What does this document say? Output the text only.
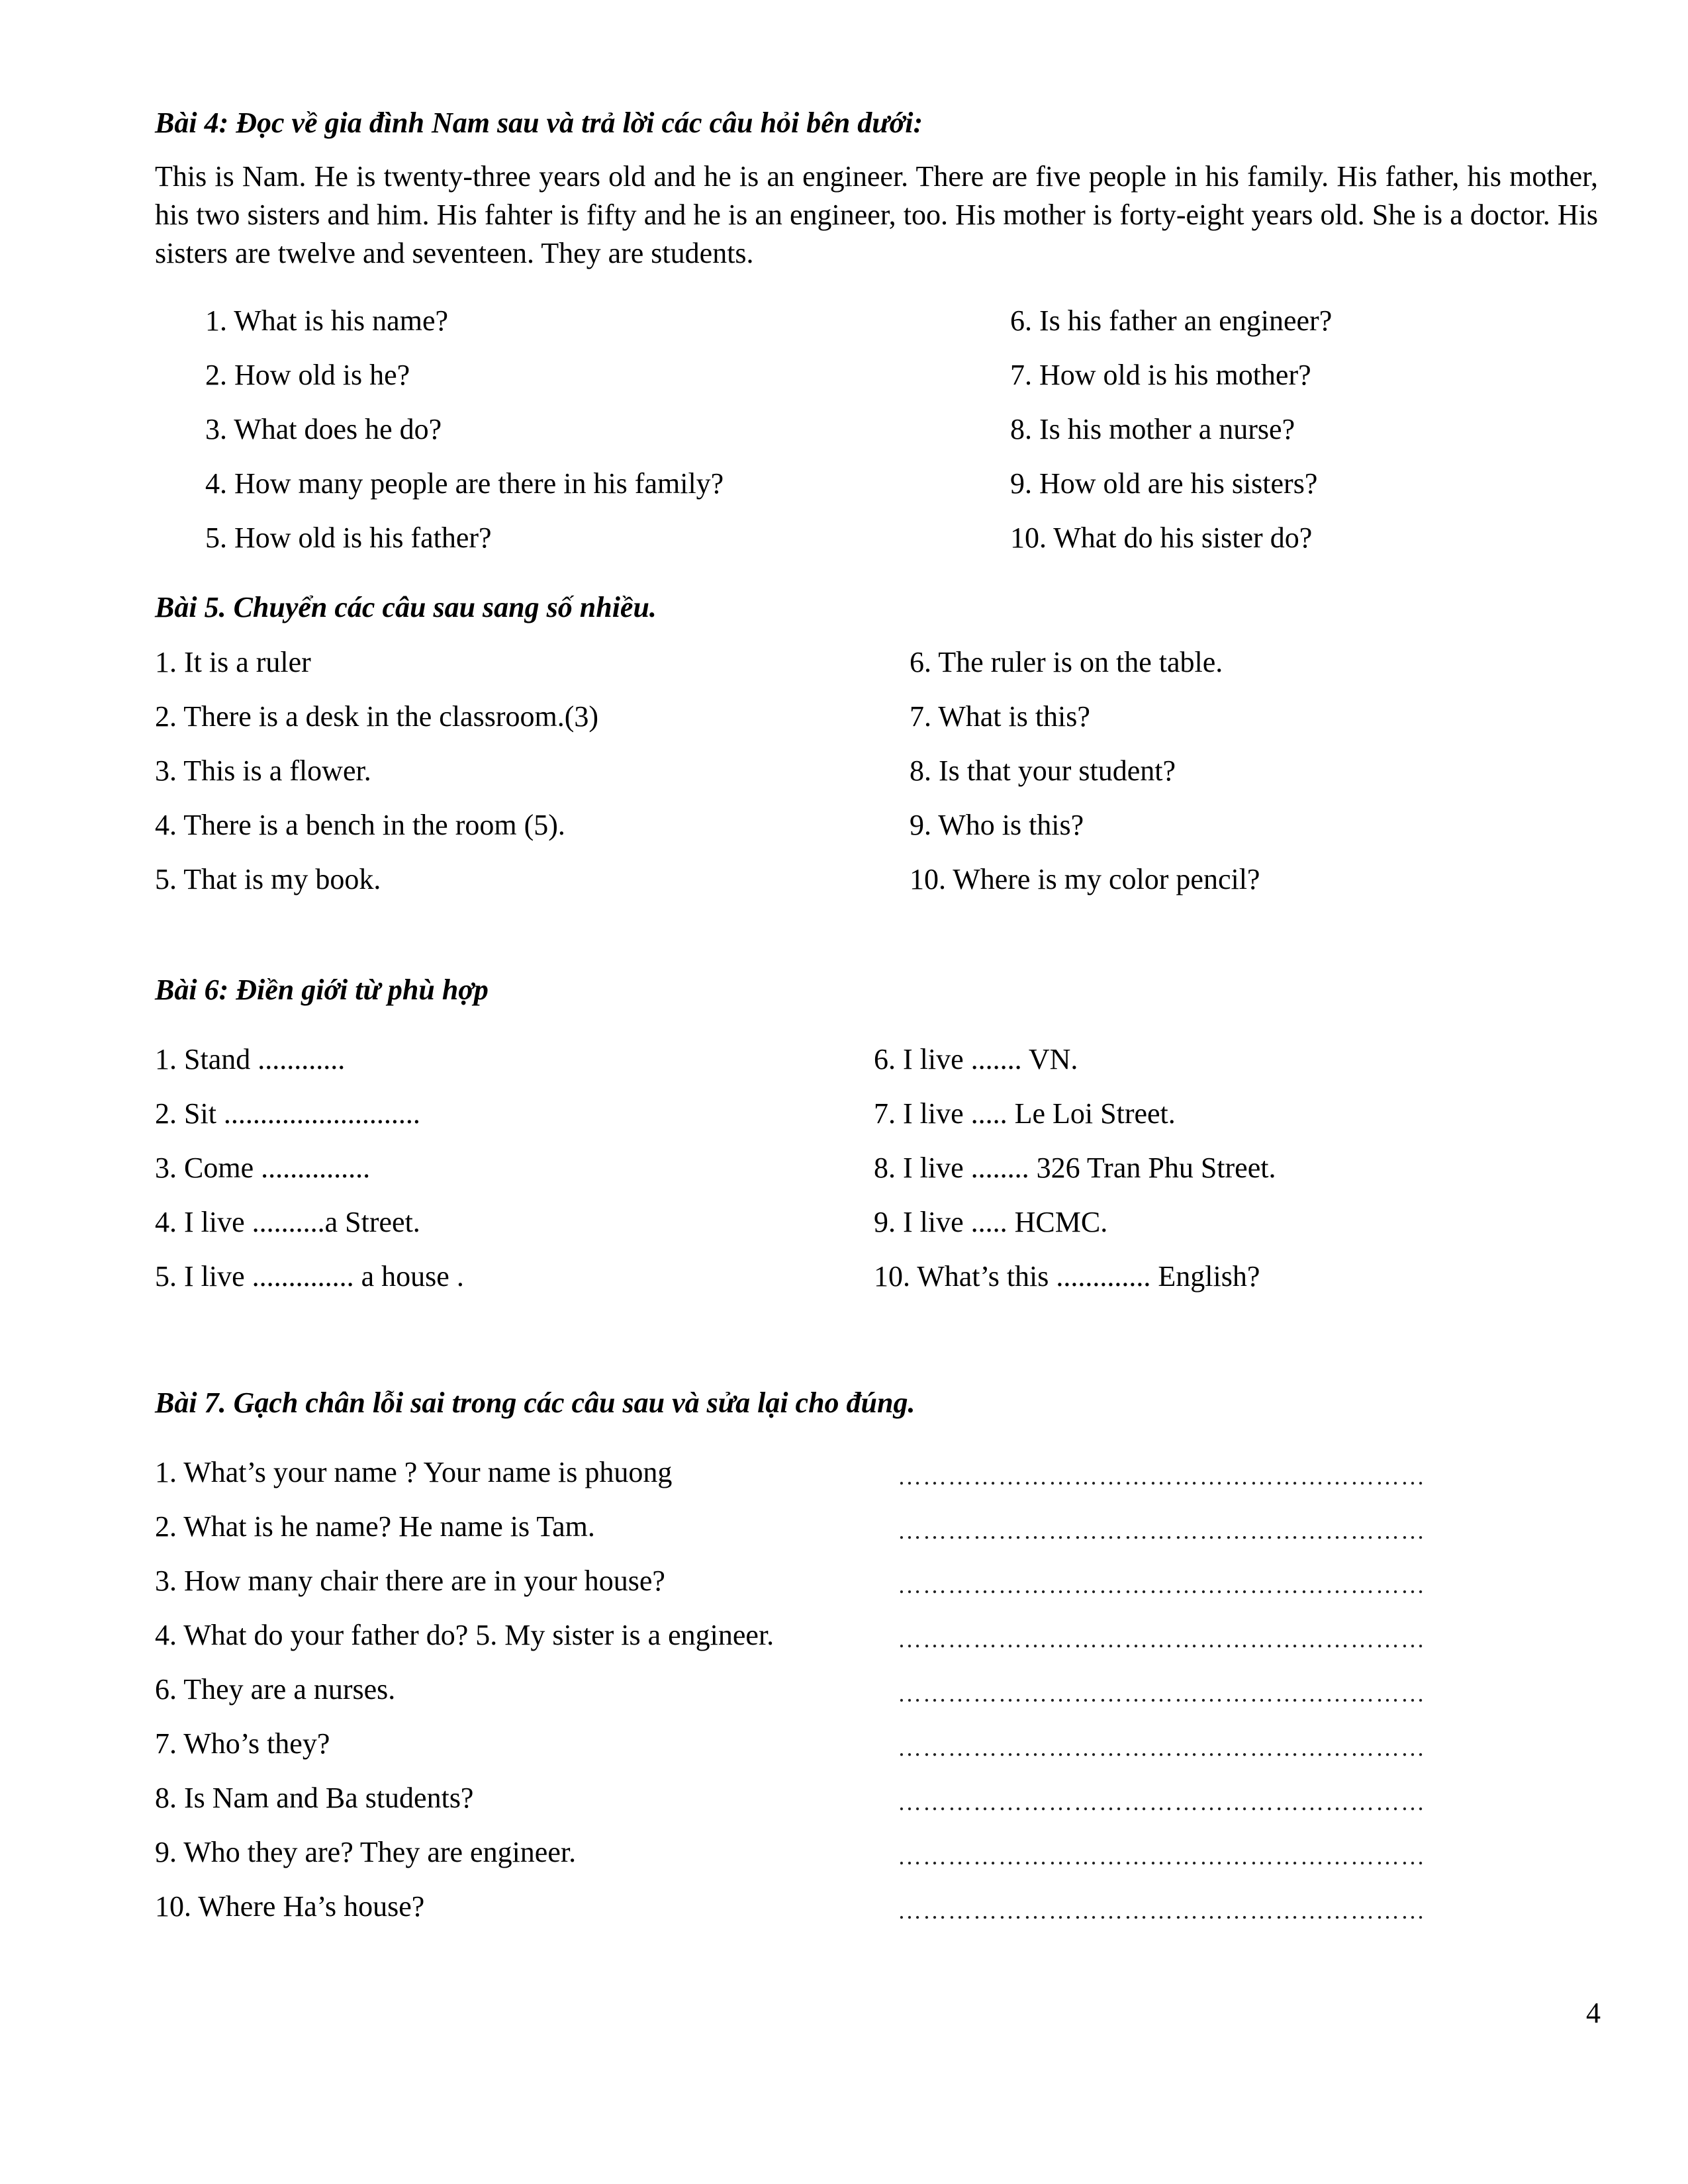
Bài 4: Đọc về gia đình Nam sau và trả lời các câu hỏi bên dưới:

This is Nam. He is twenty-three years old and he is an engineer. There are five people in his family. His father, his mother, his two sisters and him. His fahter is fifty and he is an engineer, too. His mother is forty-eight years old. She is a doctor. His sisters are twelve and seventeen. They are students.

1. What is his name?

2. How old is he?

3. What does he do?

4. How many people are there in his family?

5. How old is his father?

6. Is his father an engineer?

7. How old is his mother?

8. Is his mother a nurse?

9. How old are his sisters?

10. What do his sister do?

Bài 5. Chuyển các câu sau sang số nhiều.

1. It is a ruler

2. There is a desk in the classroom.(3)

3. This is a flower.

4. There is a bench in the room (5).

5. That is my book.

6. The ruler is on the table.

7. What is this?

8. Is that your student?

9. Who is this?

10. Where is my color pencil?

Bài 6: Điền giới từ phù hợp

1. Stand ............

2. Sit ...........................

3. Come ...............

4. I live ..........a Street.

5. I live .............. a house .

6. I live ....... VN.

7. I live ..... Le Loi Street.

8. I live ........ 326 Tran Phu Street.

9. I live ..... HCMC.

10. What’s this ............. English?

Bài 7. Gạch chân lỗi sai trong các câu sau và sửa lại cho đúng.

1. What’s your name ? Your name is phuong

2. What is he name? He name is Tam.

3. How many chair there are in your house?

4. What do your father do? 5. My sister is a engineer.

6. They are a nurses.

7. Who’s they?

8. Is Nam and Ba students?

9. Who they are? They are engineer.

10. Where Ha’s house?

………………………………………………………

………………………………………………………

………………………………………………………

………………………………………………………

………………………………………………………

………………………………………………………

………………………………………………………

………………………………………………………

………………………………………………………

4
